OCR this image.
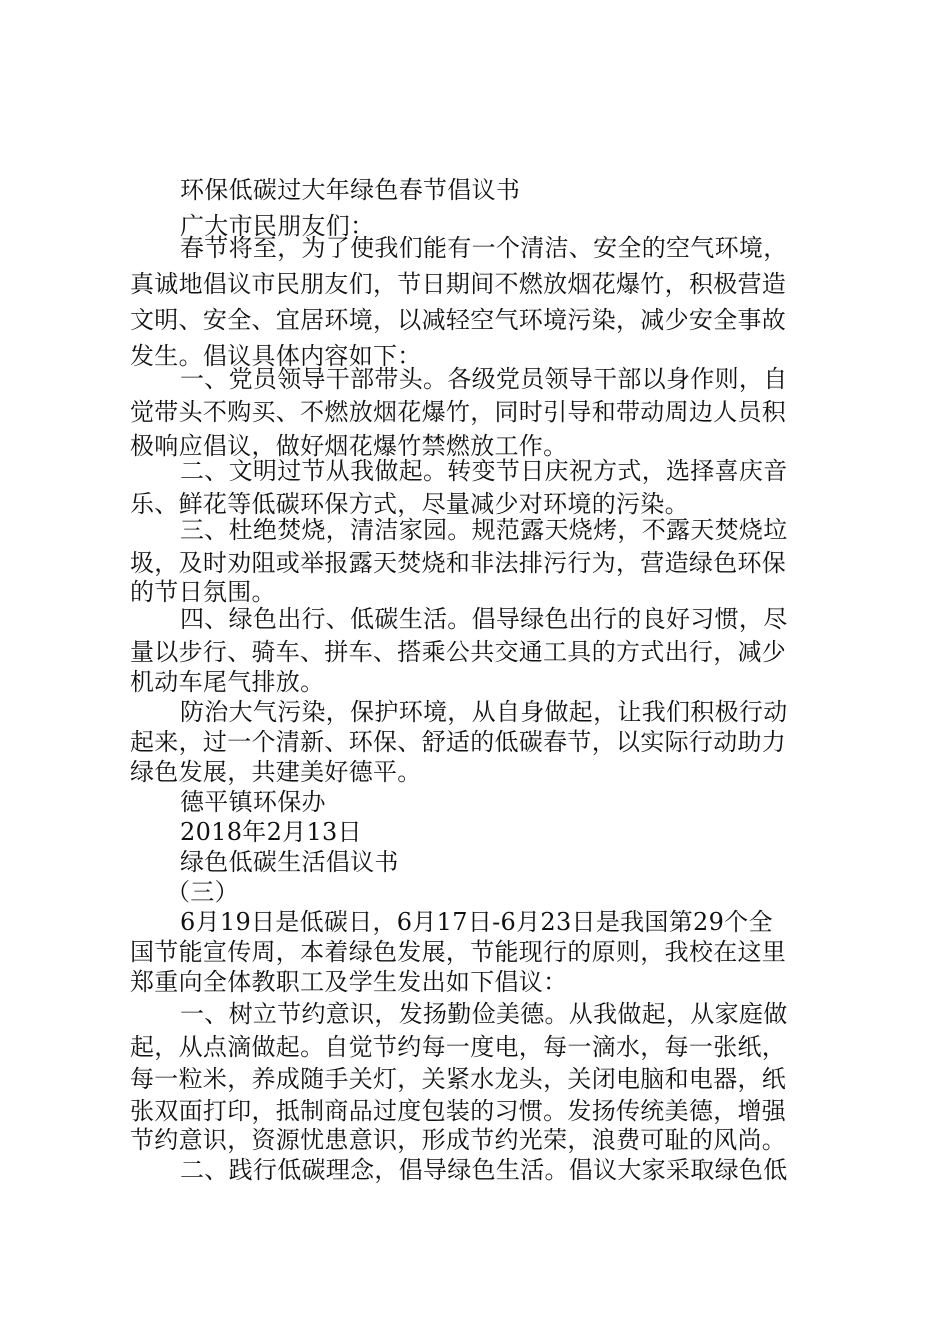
环保低碳过大年绿色春节倡议书
广大市民朋友们：
春节将至，为了使我们能有一个清洁、安全的空气环境，
真诚地倡议市民朋友们，节日期间不燃放烟花爆竹，积极营造
文明、安全、宜居环境，以减轻空气环境污染，减少安全事故
发生。倡议具体内容如下：
一、党员领导干部带头。各级党员领导干部以身作则，自
觉带头不购买、不燃放烟花爆竹，同时引导和带动周边人员积
极响应倡议，做好烟花爆竹禁燃放工作。
二、文明过节从我做起。转变节日庆祝方式，选择喜庆音
乐、鲜花等低碳环保方式，尽量减少对环境的污染。
三、杜绝焚烧，清洁家园。规范露天烧烤，不露天焚烧垃
圾，及时劝阻或举报露天焚烧和非法排污行为，营造绿色环保
的节日氛围。
四、绿色出行、低碳生活。倡导绿色出行的良好习惯，尽
量以步行、骑车、拼车、搭乘公共交通工具的方式出行，减少
机动车尾气排放。
防治大气污染，保护环境，从自身做起，让我们积极行动
起来，过一个清新、环保、舒适的低碳春节，以实际行动助力
绿色发展，共建美好德平。
德平镇环保办
2018年2月13日
绿色低碳生活倡议书
（三）
6月19日是低碳日，6月17日-6月23日是我国第29个全
国节能宣传周，本着绿色发展，节能现行的原则，我校在这里
郑重向全体教职工及学生发出如下倡议：
一、树立节约意识，发扬勤俭美德。从我做起，从家庭做
起，从点滴做起。自觉节约每一度电，每一滴水，每一张纸，
每一粒米，养成随手关灯，关紧水龙头，关闭电脑和电器，纸
张双面打印，抵制商品过度包装的习惯。发扬传统美德，增强
节约意识，资源忧患意识，形成节约光荣，浪费可耻的风尚。
二、践行低碳理念，倡导绿色生活。倡议大家采取绿色低
